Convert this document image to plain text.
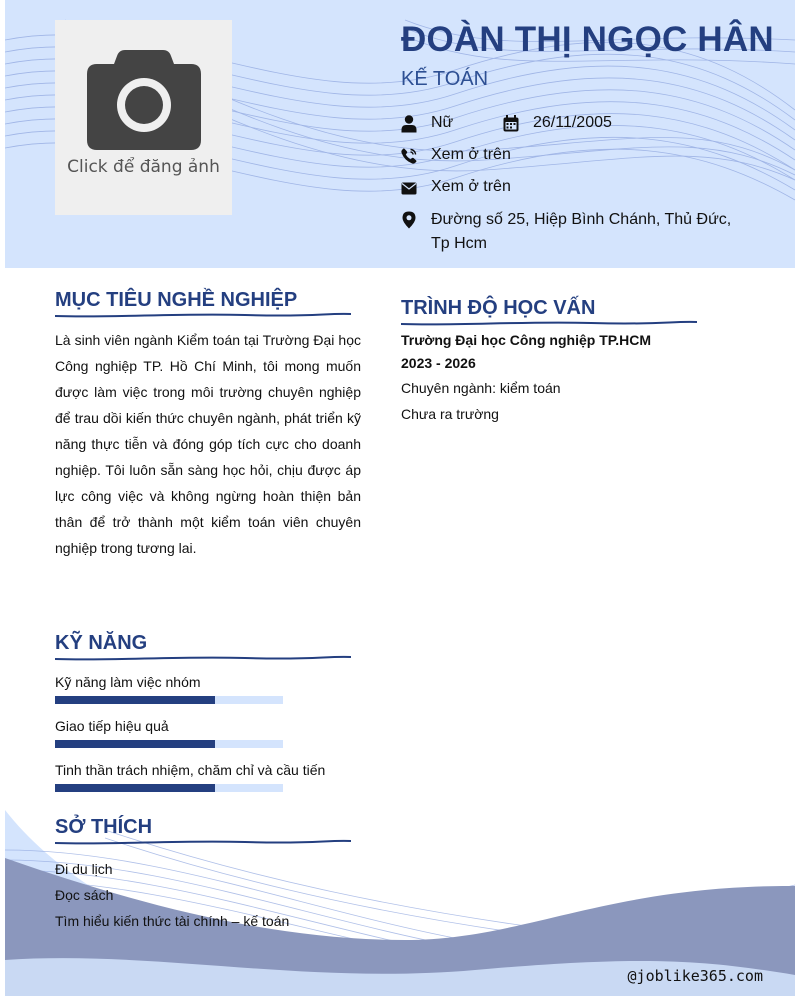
Click để đăng ảnh
ĐOÀN THỊ NGỌC HÂN
KẾ TOÁN
Nữ	26/11/2005
Xem ở trên
Xem ở trên
Đường số 25, Hiệp Bình Chánh, Thủ Đức, Tp Hcm
MỤC TIÊU NGHỀ NGHIỆP
Là sinh viên ngành Kiểm toán tại Trường Đại học Công nghiệp TP. Hồ Chí Minh, tôi mong muốn được làm việc trong môi trường chuyên nghiệp để trau dồi kiến thức chuyên ngành, phát triển kỹ năng thực tiễn và đóng góp tích cực cho doanh nghiệp. Tôi luôn sẵn sàng học hỏi, chịu được áp lực công việc và không ngừng hoàn thiện bản thân để trở thành một kiểm toán viên chuyên nghiệp trong tương lai.
TRÌNH ĐỘ HỌC VẤN
Trường Đại học Công nghiệp TP.HCM
2023 - 2026
Chuyên ngành: kiểm toán
Chưa ra trường
KỸ NĂNG
Kỹ năng làm việc nhóm
Giao tiếp hiệu quả
Tinh thần trách nhiệm, chăm chỉ và cầu tiến
SỞ THÍCH
Đi du lịch
Đọc sách
Tìm hiểu kiến thức tài chính – kế toán
@joblike365.com
